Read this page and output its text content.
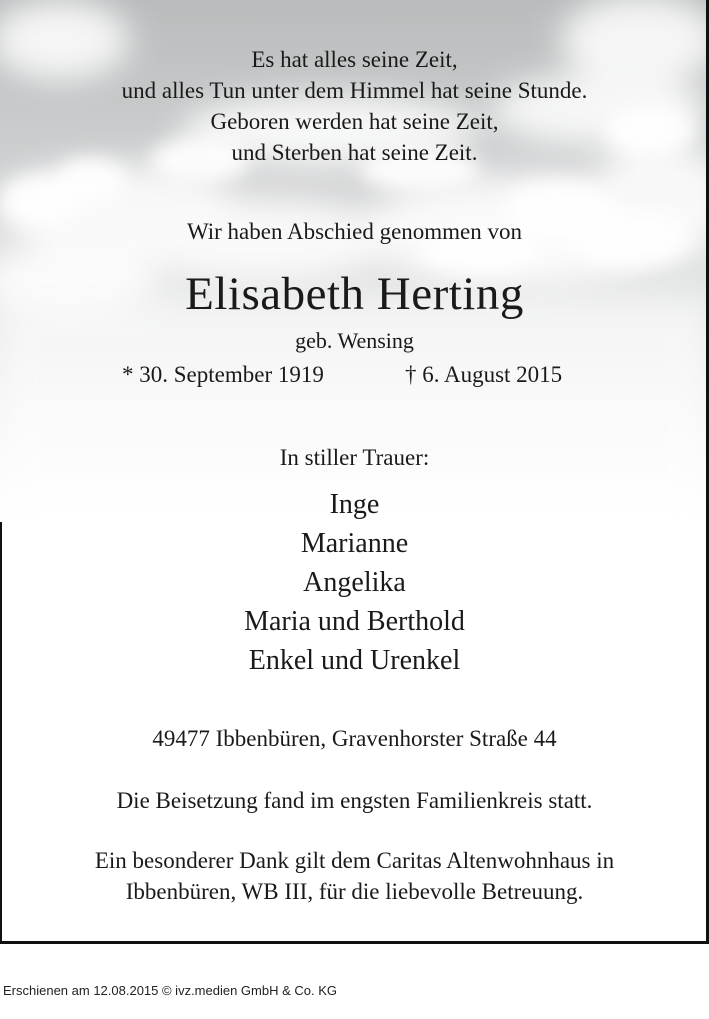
Es hat alles seine Zeit,
und alles Tun unter dem Himmel hat seine Stunde.
Geboren werden hat seine Zeit,
und Sterben hat seine Zeit.
Wir haben Abschied genommen von
Elisabeth Herting
geb. Wensing
* 30. September 1919	† 6. August 2015
In stiller Trauer:
Inge
Marianne
Angelika
Maria und Berthold
Enkel und Urenkel
49477 Ibbenbüren, Gravenhorster Straße 44
Die Beisetzung fand im engsten Familienkreis statt.
Ein besonderer Dank gilt dem Caritas Altenwohnhaus in
Ibbenbüren, WB III, für die liebevolle Betreuung.
Erschienen am 12.08.2015 © ivz.medien GmbH & Co. KG
